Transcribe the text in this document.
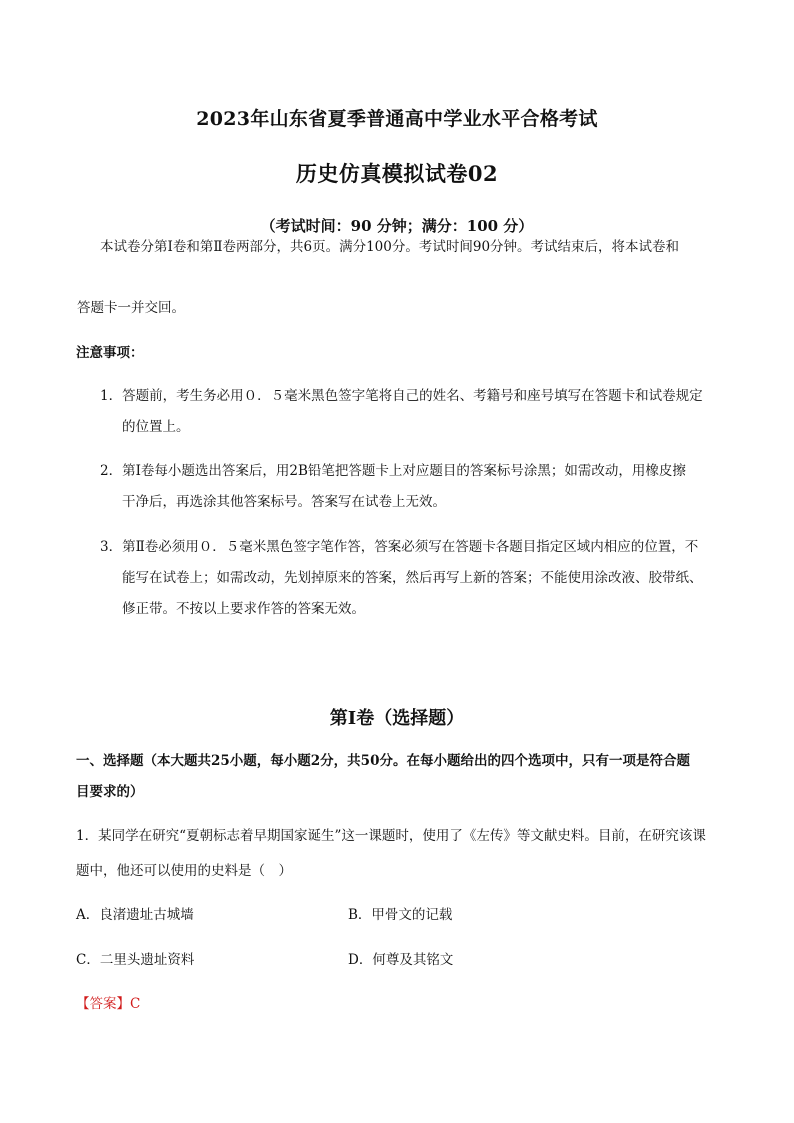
2023年山东省夏季普通高中学业水平合格考试
历史仿真模拟试卷02
（考试时间：90 分钟；满分：100 分）
本试卷分第Ⅰ卷和第Ⅱ卷两部分，共6页。满分100分。考试时间90分钟。考试结束后，将本试卷和
答题卡一并交回。
注意事项：
1．答题前，考生务必用０．５毫米黑色签字笔将自己的姓名、考籍号和座号填写在答题卡和试卷规定
的位置上。
2．第Ⅰ卷每小题选出答案后，用2B铅笔把答题卡上对应题目的答案标号涂黑；如需改动，用橡皮擦
干净后，再选涂其他答案标号。答案写在试卷上无效。
3．第Ⅱ卷必须用０．５毫米黑色签字笔作答，答案必须写在答题卡各题目指定区域内相应的位置，不
能写在试卷上；如需改动，先划掉原来的答案，然后再写上新的答案；不能使用涂改液、胶带纸、
修正带。不按以上要求作答的答案无效。
第Ⅰ卷（选择题）
一、选择题（本大题共25小题，每小题2分，共50分。在每小题给出的四个选项中，只有一项是符合题
目要求的）
1．某同学在研究“夏朝标志着早期国家诞生”这一课题时，使用了《左传》等文献史料。目前，在研究该课
题中，他还可以使用的史料是（　）
A．良渚遗址古城墙	B．甲骨文的记载
C．二里头遗址资料	D．何尊及其铭文
【答案】C
